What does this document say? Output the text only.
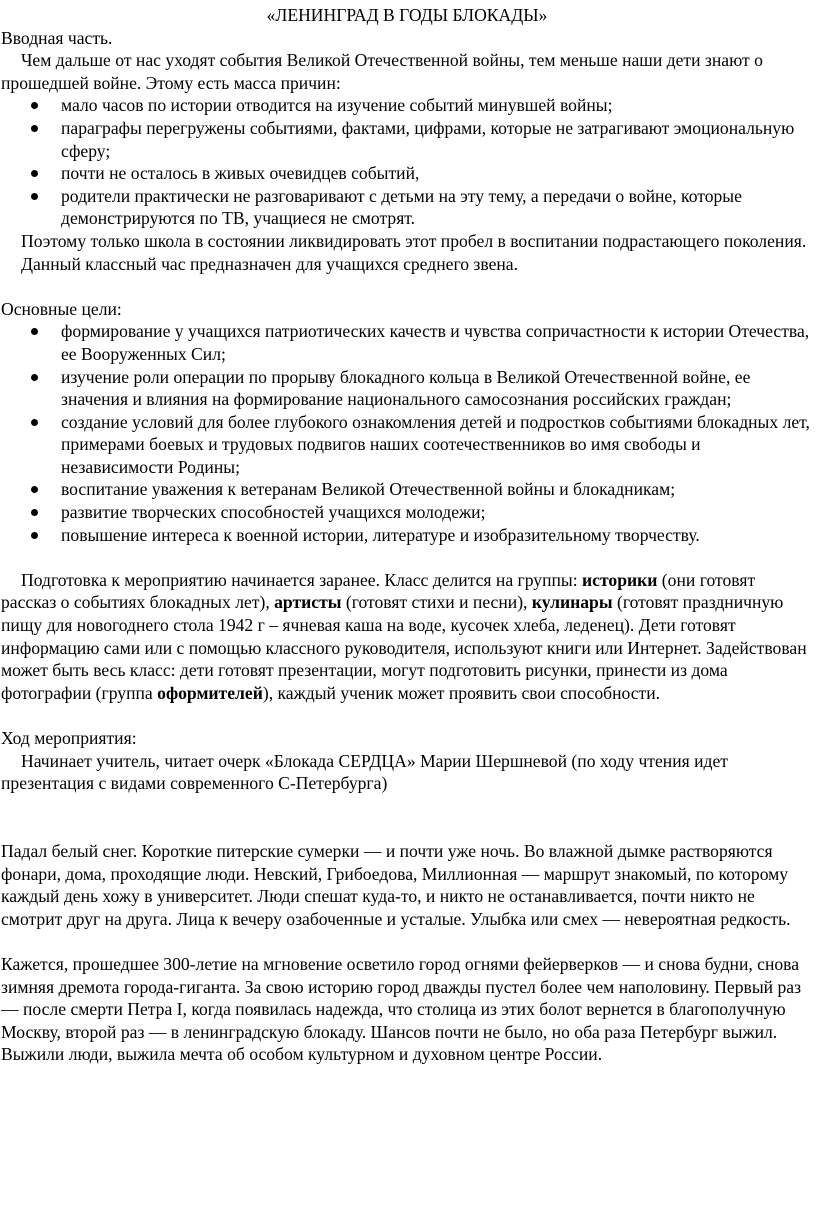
«ЛЕНИНГРАД В ГОДЫ БЛОКАДЫ»

Вводная часть.

Чем дальше от нас уходят события Великой Отечественной войны, тем меньше наши дети знают о прошедшей войне. Этому есть масса причин:

мало часов по истории отводится на изучение событий минувшей войны;
параграфы перегружены событиями, фактами, цифрами, которые не затрагивают эмоциональную сферу;
почти не осталось в живых очевидцев событий,
родители практически не разговаривают с детьми на эту тему, а передачи о войне, которые демонстрируются по ТВ, учащиеся не смотрят.

Поэтому только школа в состоянии ликвидировать этот пробел в воспитании подрастающего поколения.

Данный классный час предназначен для учащихся среднего звена.

Основные цели:

формирование у учащихся патриотических качеств и чувства сопричастности к истории Отечества, ее Вооруженных Сил;
изучение роли операции по прорыву блокадного кольца в Великой Отечественной войне, ее значения и влияния на формирование национального самосознания российских граждан;
создание условий для более глубокого ознакомления детей и подростков событиями блокадных лет, примерами боевых и трудовых подвигов наших соотечественников во имя свободы и независимости Родины;
воспитание уважения к ветеранам Великой Отечественной войны и блокадникам;
развитие творческих способностей учащихся молодежи;
повышение интереса к военной истории, литературе и изобразительному творчеству.

Подготовка к мероприятию начинается заранее. Класс делится на группы: историки (они готовят рассказ о событиях блокадных лет), артисты (готовят стихи и песни), кулинары (готовят праздничную пищу для новогоднего стола 1942 г – ячневая каша на воде, кусочек хлеба, леденец). Дети готовят информацию сами или с помощью классного руководителя, используют книги или Интернет. Задействован может быть весь класс: дети готовят презентации, могут подготовить рисунки, принести из дома фотографии (группа оформителей), каждый ученик может проявить свои способности.

Ход мероприятия:

Начинает учитель, читает очерк «Блокада СЕРДЦА» Марии Шершневой (по ходу чтения идет презентация с видами современного С-Петербурга)

Падал белый снег. Короткие питерские сумерки — и почти уже ночь. Во влажной дымке растворяются фонари, дома, проходящие люди. Невский, Грибоедова, Миллионная — маршрут знакомый, по которому каждый день хожу в университет. Люди спешат куда-то, и никто не останавливается, почти никто не смотрит друг на друга. Лица к вечеру озабоченные и усталые. Улыбка или смех — невероятная редкость.

Кажется, прошедшее 300-летие на мгновение осветило город огнями фейерверков — и снова будни, снова зимняя дремота города-гиганта. За свою историю город дважды пустел более чем наполовину. Первый раз — после смерти Петра I, когда появилась надежда, что столица из этих болот вернется в благополучную Москву, второй раз — в ленинградскую блокаду. Шансов почти не было, но оба раза Петербург выжил. Выжили люди, выжила мечта об особом культурном и духовном центре России.
